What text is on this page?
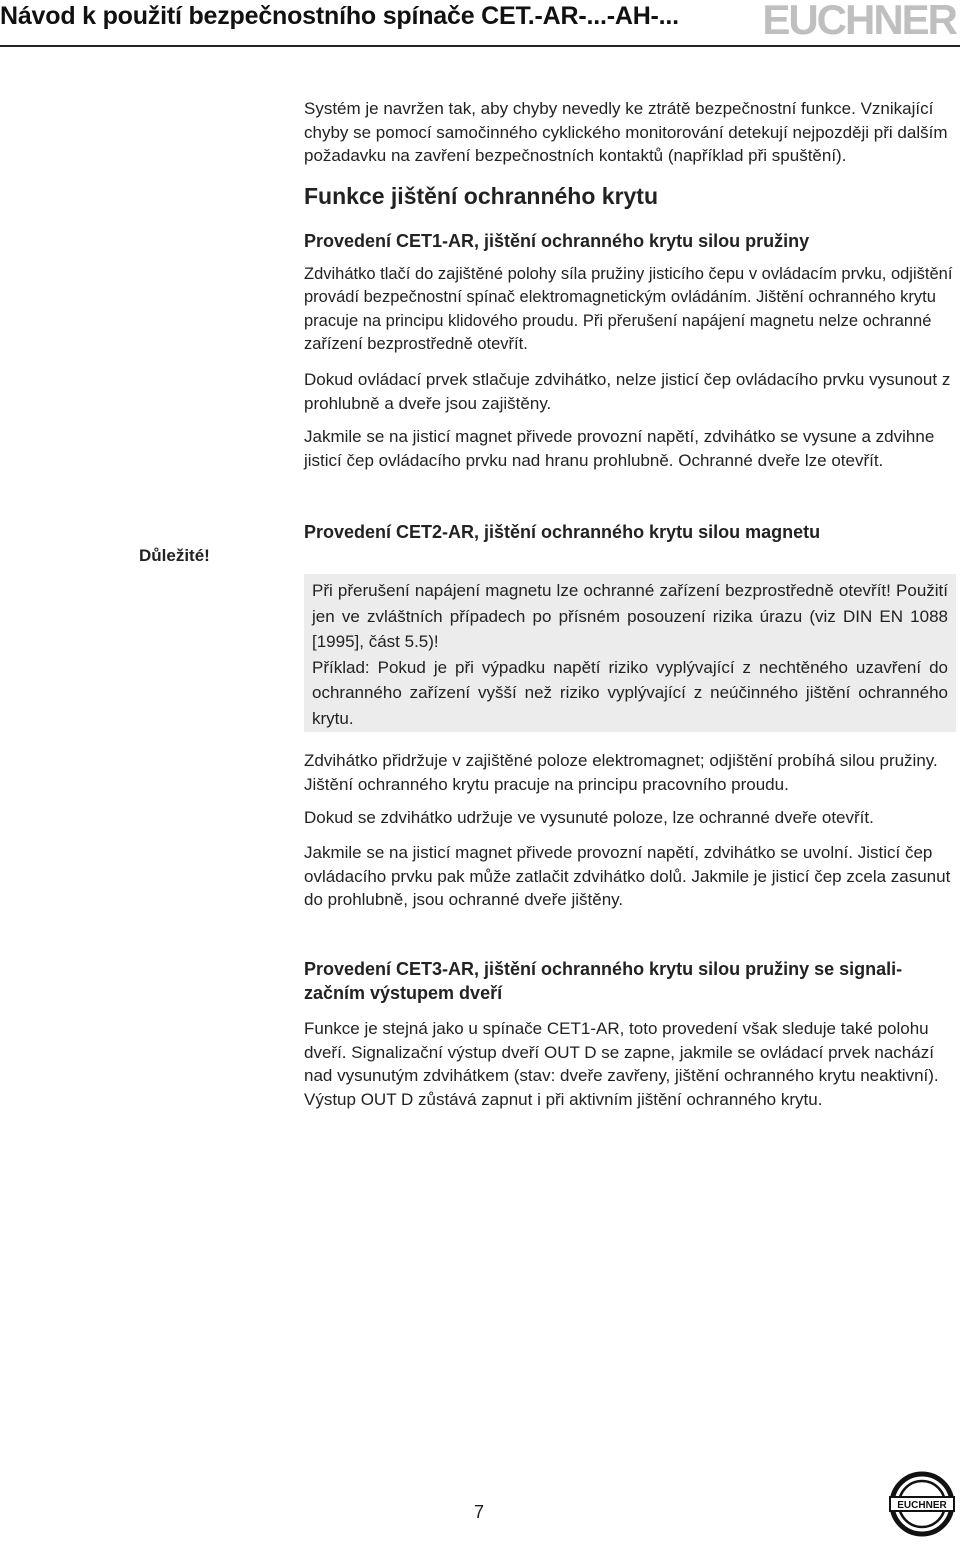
Návod k použití bezpečnostního spínače CET.-AR-...-AH-... EUCHNER

Systém je navržen tak, aby chyby nevedly ke ztrátě bezpečnostní funkce. Vznikající chyby se pomocí samočinného cyklického monitorování detekují nejpozději při dalším požadavku na zavření bezpečnostních kontaktů (například při spuštění).

Funkce jištění ochranného krytu
Provedení CET1-AR, jištění ochranného krytu silou pružiny

Zdvihátko tlačí do zajištěné polohy síla pružiny jisticího čepu v ovládacím prvku, odjištění provádí bezpečnostní spínač elektromagnetickým ovládáním. Jištění ochranného krytu pracuje na principu klidového proudu. Při přerušení napájení magnetu nelze ochranné zařízení bezprostředně otevřít.

Dokud ovládací prvek stlačuje zdvihátko, nelze jisticí čep ovládacího prvku vysunout z prohlubně a dveře jsou zajištěny.

Jakmile se na jisticí magnet přivede provozní napětí, zdvihátko se vysune a zdvihne jisticí čep ovládacího prvku nad hranu prohlubně. Ochranné dveře lze otevřít.

Důležité!
Provedení CET2-AR, jištění ochranného krytu silou magnetu

Při přerušení napájení magnetu lze ochranné zařízení bezprostředně otevřít! Použití jen ve zvláštních případech po přísném posouzení rizika úrazu (viz DIN EN 1088 [1995], část 5.5)!

Příklad: Pokud je při výpadku napětí riziko vyplývající z nechtěného uzavření do ochranného zařízení vyšší než riziko vyplývající z neúčinného jištění ochranného krytu.

Zdvihátko přidržuje v zajištěné poloze elektromagnet; odjištění probíhá silou pružiny. Jištění ochranného krytu pracuje na principu pracovního proudu.

Dokud se zdvihátko udržuje ve vysunuté poloze, lze ochranné dveře otevřít.

Jakmile se na jisticí magnet přivede provozní napětí, zdvihátko se uvolní. Jisticí čep ovládacího prvku pak může zatlačit zdvihátko dolů. Jakmile je jisticí čep zcela zasunut do prohlubně, jsou ochranné dveře jištěny.

Provedení CET3-AR, jištění ochranného krytu silou pružiny se signali-začním výstupem dveří

Funkce je stejná jako u spínače CET1-AR, toto provedení však sleduje také polohu dveří. Signalizační výstup dveří OUT D se zapne, jakmile se ovládací prvek nachází nad vysunutým zdvihátkem (stav: dveře zavřeny, jištění ochranného krytu neaktivní). Výstup OUT D zůstává zapnut i při aktivním jištění ochranného krytu.

7	EUCHNER
